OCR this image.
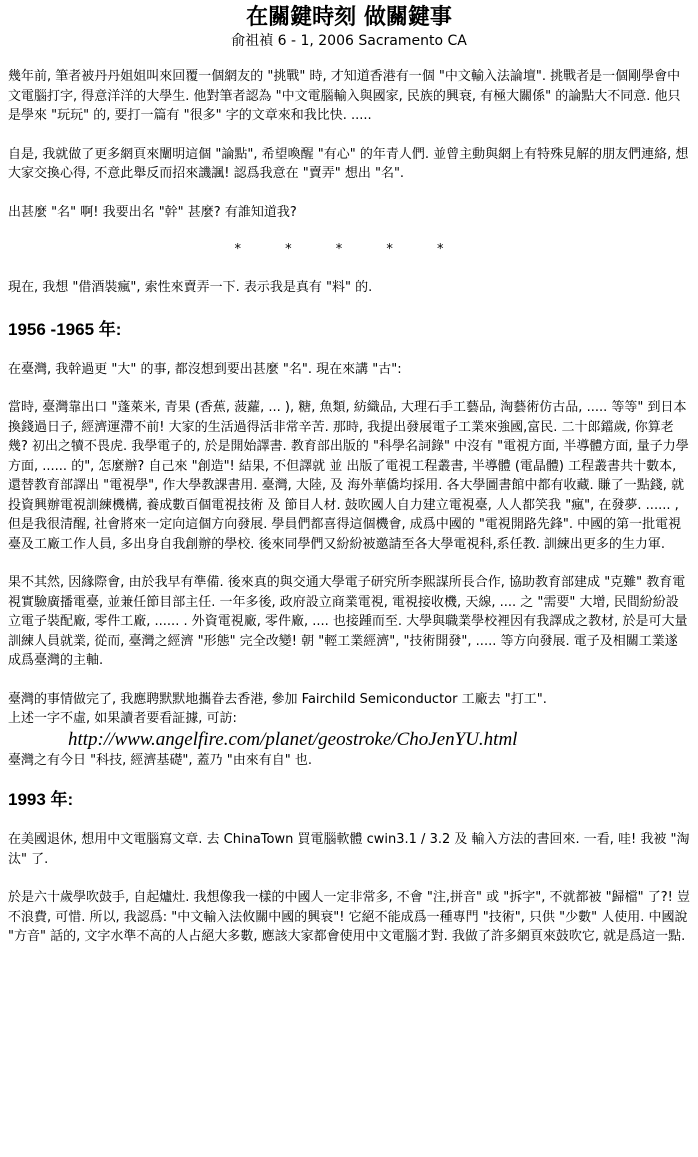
在關鍵時刻 做關鍵事
俞祖禎 6 - 1, 2006 Sacramento CA

幾年前, 筆者被丹丹姐姐叫來回覆一個網友的 "挑戰" 時, 才知道香港有一個 "中文輸入法論壇". 挑戰者是一個剛學會中文電腦打字, 得意洋洋的大學生. 他對筆者認為 "中文電腦輸入與國家, 民族的興衰, 有極大關係" 的論點大不同意. 他只是學來 "玩玩" 的, 要打一篇有 "很多" 字的文章來和我比快. .....

自是, 我就做了更多網頁來闡明這個 "論點", 希望喚醒 "有心" 的年青人們. 並曾主動與網上有特殊見解的朋友們連絡, 想大家交換心得, 不意此舉反而招來譏諷! 認爲我意在 "賣弄" 想出 "名".

出甚麼 "名" 啊! 我要出名 "幹" 甚麼? 有誰知道我?

* * * * *

現在, 我想 "借酒裝瘋", 索性來賣弄一下. 表示我是真有 "料" 的.

1956 -1965 年:

在臺灣, 我幹過更 "大" 的事, 都沒想到要出甚麼 "名". 現在來講 "古":

當時, 臺灣靠出口 "蓬萊米, 青果 (香蕉, 菠蘿, ... ), 糖, 魚類, 紡織品, 大理石手工藝品, 淘藝術仿古品, ..... 等等" 到日本換錢過日子, 經濟運滯不前! 大家的生活過得活非常辛苦. 那時, 我提出發展電子工業來強國,富民. 二十郎鐺歲, 你算老幾? 初出之犢不畏虎. 我學電子的, 於是開始譯書. 教育部出版的 "科學名詞錄" 中沒有 "電視方面, 半導體方面, 量子力學方面, ...... 的", 怎麼辦? 自己來 "創造"! 結果, 不但譯就 並 出版了電視工程叢書, 半導體 (電晶體) 工程叢書共十數本, 還替教育部譯出 "電視學", 作大學教課書用. 臺灣, 大陸, 及 海外華僑均採用. 各大學圖書館中都有收藏. 賺了一點錢, 就投資興辦電視訓練機構, 養成數百個電視技術 及 節目人材. 鼓吹國人自力建立電視臺, 人人都笑我 "瘋", 在發夢. ...... , 但是我很清醒, 社會將來一定向這個方向發展. 學員們都喜得這個機會, 成爲中國的 "電視開路先鋒". 中國的第一批電視臺及工廠工作人員, 多出身自我創辦的學校. 後來同學們又紛紛被邀請至各大學電視科,系任教. 訓練出更多的生力軍.

果不其然, 因緣際會, 由於我早有準備. 後來真的與交通大學電子研究所李熙謀所長合作, 協助教育部建成 "克難" 教育電視實驗廣播電臺, 並兼任節目部主任. 一年多後, 政府設立商業電視, 電視接收機, 天線, .... 之 "需要" 大增, 民間紛紛設立電子裝配廠, 零件工廠, ...... . 外資電視廠, 零件廠, .... 也接踵而至. 大學與職業學校裡因有我譯成之教材, 於是可大量訓練人員就業, 從而, 臺灣之經濟 "形態" 完全改變! 朝 "輕工業經濟", "技術開發", ..... 等方向發展. 電子及相關工業遂成爲臺灣的主軸.

臺灣的事情做完了, 我應聘默默地攜眷去香港, 參加 Fairchild Semiconductor 工廠去 "打工".

上述一字不虛, 如果讀者要看証據, 可訪:

http://www.angelfire.com/planet/geostroke/ChoJenYU.html

臺灣之有今日 "科技, 經濟基礎", 蓋乃 "由來有自" 也.

1993 年:

在美國退休, 想用中文電腦寫文章. 去 ChinaTown 買電腦軟體 cwin3.1 / 3.2 及 輸入方法的書回來. 一看, 哇! 我被 "淘汰" 了.

於是六十歲學吹鼓手, 自起爐灶. 我想像我一樣的中國人一定非常多, 不會 "注,拼音" 或 "拆字", 不就都被 "歸檔" 了?! 豈不浪費, 可惜. 所以, 我認爲: "中文輸入法攸關中國的興衰"! 它絕不能成爲一種專門 "技術", 只供 "少數" 人使用. 中國說 "方音" 話的, 文字水準不高的人占絕大多數, 應該大家都會使用中文電腦才對. 我做了許多網頁來鼓吹它, 就是爲這一點.
